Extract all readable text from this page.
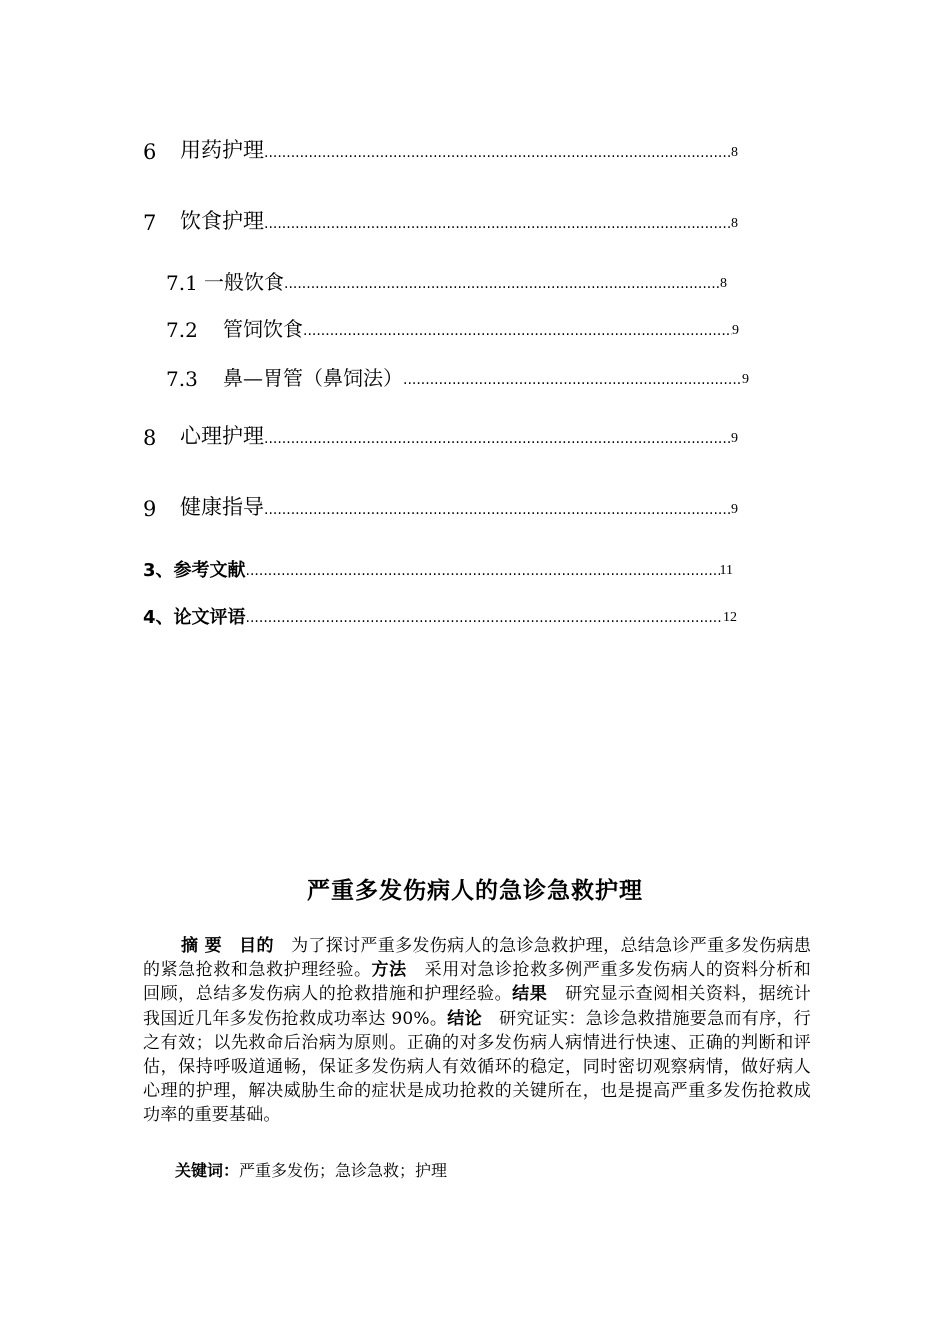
6	用药护理 .....	8
7	饮食护理 .....	8
7.1 一般饮食 .....	8
7.2	管饲饮食 .....	9
7.3	鼻—胃管（鼻饲法） .....	9
8	心理护理 .....	9
9	健康指导 .....	9
3、 参考文献 .....	11
4、 论文评语 .....	12
严重多发伤病人的急诊急救护理
摘 要 目的 为了探讨严重多发伤病人的急诊急救护理，总结急诊严重多发伤病患的紧急抢救和急救护理经验。方法 采用对急诊抢救多例严重多发伤病人的资料分析和回顾，总结多发伤病人的抢救措施和护理经验。结果 研究显示查阅相关资料，据统计我国近几年多发伤抢救成功率达 90%。结论 研究证实：急诊急救措施要急而有序，行之有效；以先救命后治病为原则。正确的对多发伤病人病情进行快速、正确的判断和评估，保持呼吸道通畅，保证多发伤病人有效循环的稳定，同时密切观察病情，做好病人心理的护理，解决威胁生命的症状是成功抢救的关键所在，也是提高严重多发伤抢救成功率的重要基础。
关键词：严重多发伤；急诊急救；护理
